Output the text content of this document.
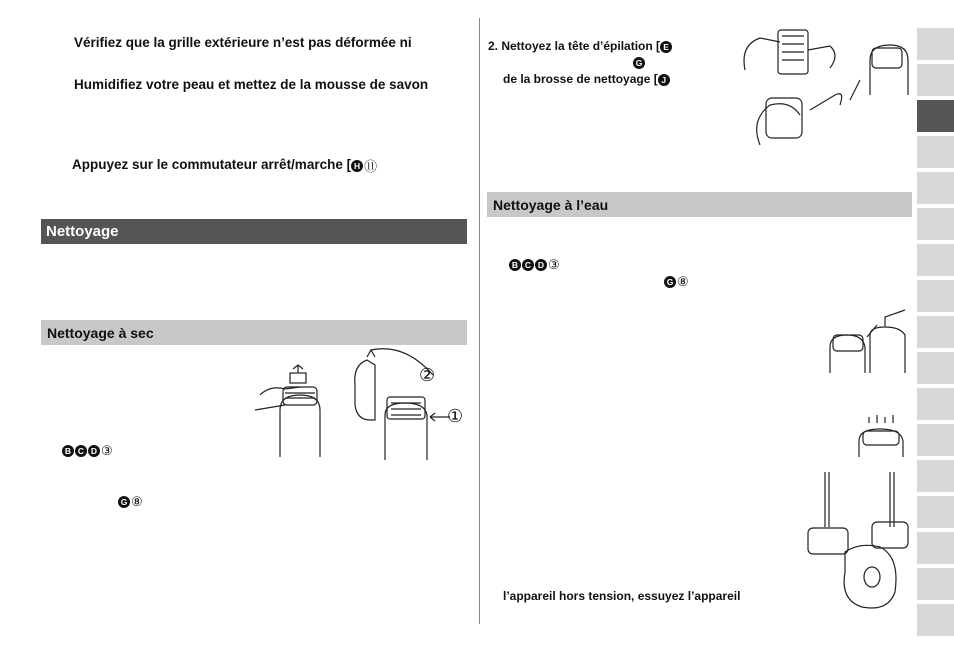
Vérifiez que la grille extérieure n’est pas déformée ni
Humidifiez votre peau et mettez de la mousse de savon
Appuyez sur le commutateur arrêt/marche [ H ⑪
Nettoyage
Nettoyage à sec
B C D ③
G ⑧
②
①
2. Nettoyez la tête d’épilation [ E
G
de la brosse de nettoyage [ J
Nettoyage à l’eau
B C D ③
G ⑧
l’appareil hors tension, essuyez l’appareil
